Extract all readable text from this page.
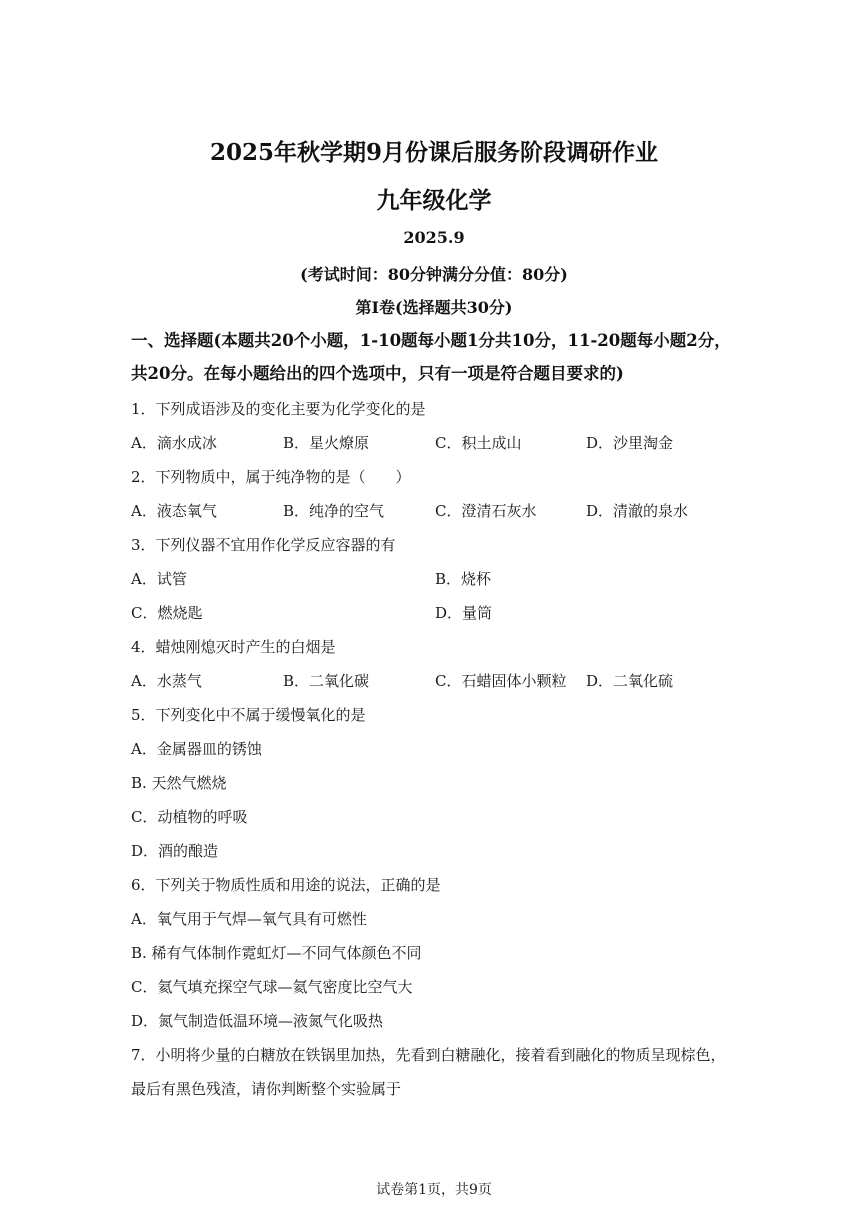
2025年秋学期9月份课后服务阶段调研作业
九年级化学
2025.9
(考试时间：80分钟满分分值：80分)
第Ⅰ卷(选择题共30分)
一、选择题(本题共20个小题，1-10题每小题1分共10分，11-20题每小题2分，
共20分。在每小题给出的四个选项中，只有一项是符合题目要求的)
1．下列成语涉及的变化主要为化学变化的是
A．滴水成冰	B．星火燎原	C．积土成山	D．沙里淘金
2．下列物质中，属于纯净物的是（　　）
A．液态氧气	B．纯净的空气	C．澄清石灰水	D．清澈的泉水
3．下列仪器不宜用作化学反应容器的有
A．试管	B．烧杯
C．燃烧匙	D．量筒
4．蜡烛刚熄灭时产生的白烟是
A．水蒸气	B．二氧化碳	C．石蜡固体小颗粒 D．二氧化硫
5．下列变化中不属于缓慢氧化的是
A．金属器皿的锈蚀
B. 天然气燃烧
C．动植物的呼吸
D．酒的酿造
6．下列关于物质性质和用途的说法，正确的是
A．氧气用于气焊—氧气具有可燃性
B. 稀有气体制作霓虹灯—不同气体颜色不同
C．氦气填充探空气球—氦气密度比空气大
D．氮气制造低温环境—液氮气化吸热
7．小明将少量的白糖放在铁锅里加热，先看到白糖融化，接着看到融化的物质呈现棕色，
最后有黑色残渣，请你判断整个实验属于
试卷第1页，共9页
